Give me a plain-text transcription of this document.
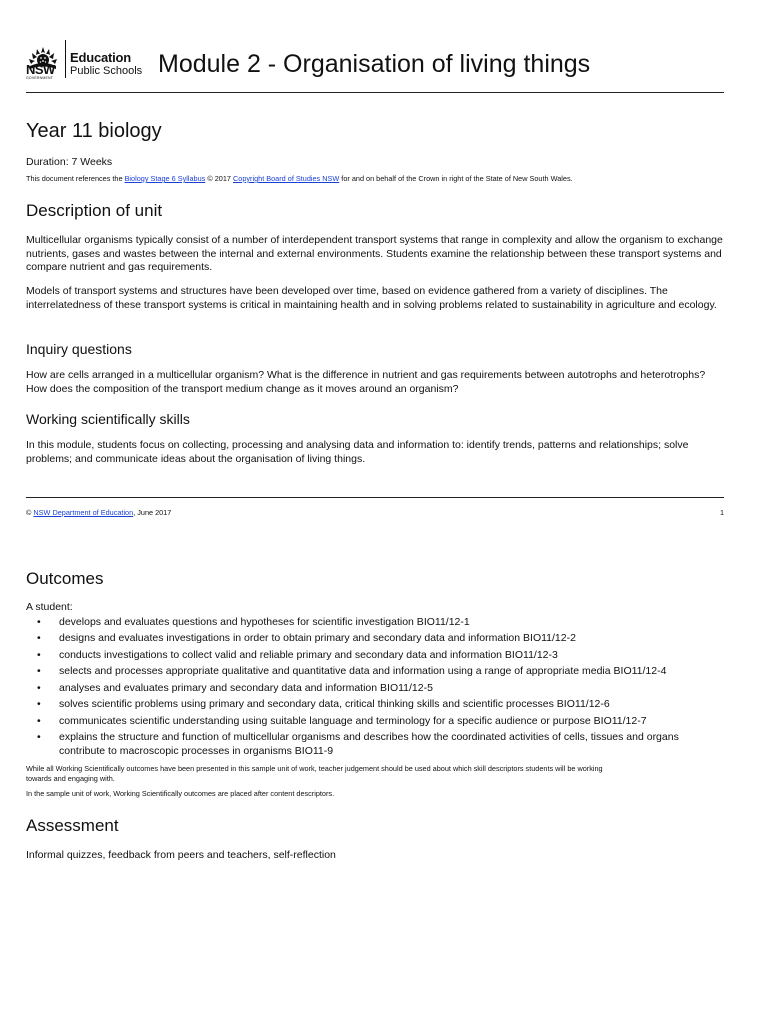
NSW
GOVERNMENT
Education
Public Schools Module 2 - Organisation of living things
Year 11 biology
Duration: 7 Weeks
This document references the Biology Stage 6 Syllabus © 2017 Copyright Board of Studies NSW for and on behalf of the Crown in right of the State of New South Wales.
Description of unit
Multicellular organisms typically consist of a number of interdependent transport systems that range in complexity and allow the organism to exchange nutrients, gases and wastes between the internal and external environments. Students examine the relationship between these transport systems and compare nutrient and gas requirements.
Models of transport systems and structures have been developed over time, based on evidence gathered from a variety of disciplines. The interrelatedness of these transport systems is critical in maintaining health and in solving problems related to sustainability in agriculture and ecology.
Inquiry questions
How are cells arranged in a multicellular organism? What is the difference in nutrient and gas requirements between autotrophs and heterotrophs? How does the composition of the transport medium change as it moves around an organism?
Working scientifically skills
In this module, students focus on collecting, processing and analysing data and information to: identify trends, patterns and relationships; solve problems; and communicate ideas about the organisation of living things.
© NSW Department of Education, June 2017	1
Outcomes
A student:
• develops and evaluates questions and hypotheses for scientific investigation BIO11/12-1
• designs and evaluates investigations in order to obtain primary and secondary data and information BIO11/12-2
• conducts investigations to collect valid and reliable primary and secondary data and information BIO11/12-3
• selects and processes appropriate qualitative and quantitative data and information using a range of appropriate media BIO11/12-4
• analyses and evaluates primary and secondary data and information BIO11/12-5
• solves scientific problems using primary and secondary data, critical thinking skills and scientific processes BIO11/12-6
• communicates scientific understanding using suitable language and terminology for a specific audience or purpose BIO11/12-7
• explains the structure and function of multicellular organisms and describes how the coordinated activities of cells, tissues and organs contribute to macroscopic processes in organisms BIO11-9
While all Working Scientifically outcomes have been presented in this sample unit of work, teacher judgement should be used about which skill descriptors students will be working
towards and engaging with.
In the sample unit of work, Working Scientifically outcomes are placed after content descriptors.
Assessment
Informal quizzes, feedback from peers and teachers, self-reflection
